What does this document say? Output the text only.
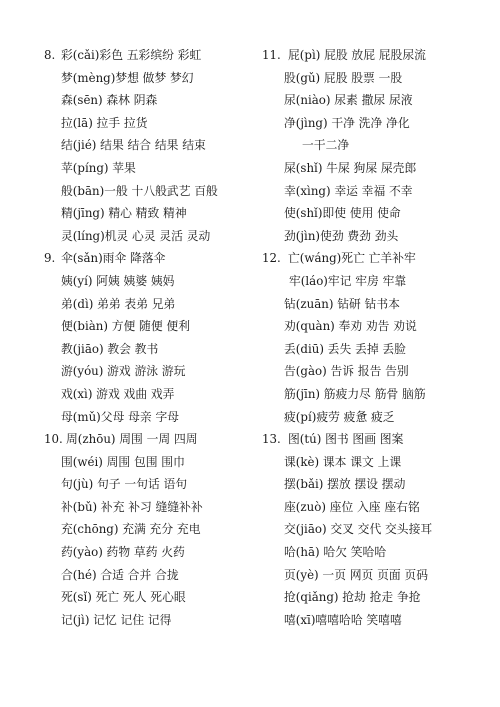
8. 彩(cǎi)彩色 五彩缤纷 彩虹
梦(mèng)梦想 做梦 梦幻
森(sēn) 森林 阴森
拉(lā) 拉手 拉货
结(jié) 结果 结合 结果 结束
苹(píng) 苹果
般(bān)一般 十八般武艺 百般
精(jīng) 精心 精致 精神
灵(líng)机灵 心灵 灵活 灵动
9. 伞(sǎn)雨伞 降落伞
姨(yí) 阿姨 姨婆 姨妈
弟(dì) 弟弟 表弟 兄弟
便(biàn) 方便 随便 便利
教(jiāo) 教会 教书
游(yóu) 游戏 游泳 游玩
戏(xì) 游戏 戏曲 戏弄
母(mǔ)父母 母亲 字母
10. 周(zhōu) 周围 一周 四周
围(wéi) 周围 包围 围巾
句(jù) 句子 一句话 语句
补(bǔ) 补充 补习 缝缝补补
充(chōng) 充满 充分 充电
药(yào) 药物 草药 火药
合(hé) 合适 合并 合拢
死(sǐ) 死亡 死人 死心眼
记(jì) 记忆 记住 记得
11. 屁(pì) 屁股 放屁 屁股尿流
股(gǔ) 屁股 股票 一股
尿(niào) 尿素 撒尿 尿液
净(jìng) 干净 洗净 净化
一干二净
屎(shǐ) 牛屎 狗屎 屎壳郎
幸(xìng) 幸运 幸福 不幸
使(shǐ)即使 使用 使命
劲(jìn)使劲 费劲 劲头
12. 亡(wáng)死亡 亡羊补牢
牢(láo)牢记 牢房 牢靠
钻(zuān) 钻研 钻书本
劝(quàn) 奉劝 劝告 劝说
丢(diū) 丢失 丢掉 丢脸
告(gào) 告诉 报告 告别
筋(jīn) 筋疲力尽 筋骨 脑筋
疲(pí)疲劳 疲惫 疲乏
13. 图(tú) 图书 图画 图案
课(kè) 课本 课文 上课
摆(bǎi) 摆放 摆设 摆动
座(zuò) 座位 入座 座右铭
交(jiāo) 交叉 交代 交头接耳
哈(hā) 哈欠 笑哈哈
页(yè) 一页 网页 页面 页码
抢(qiǎng) 抢劫 抢走 争抢
嘻(xī)嘻嘻哈哈 笑嘻嘻
